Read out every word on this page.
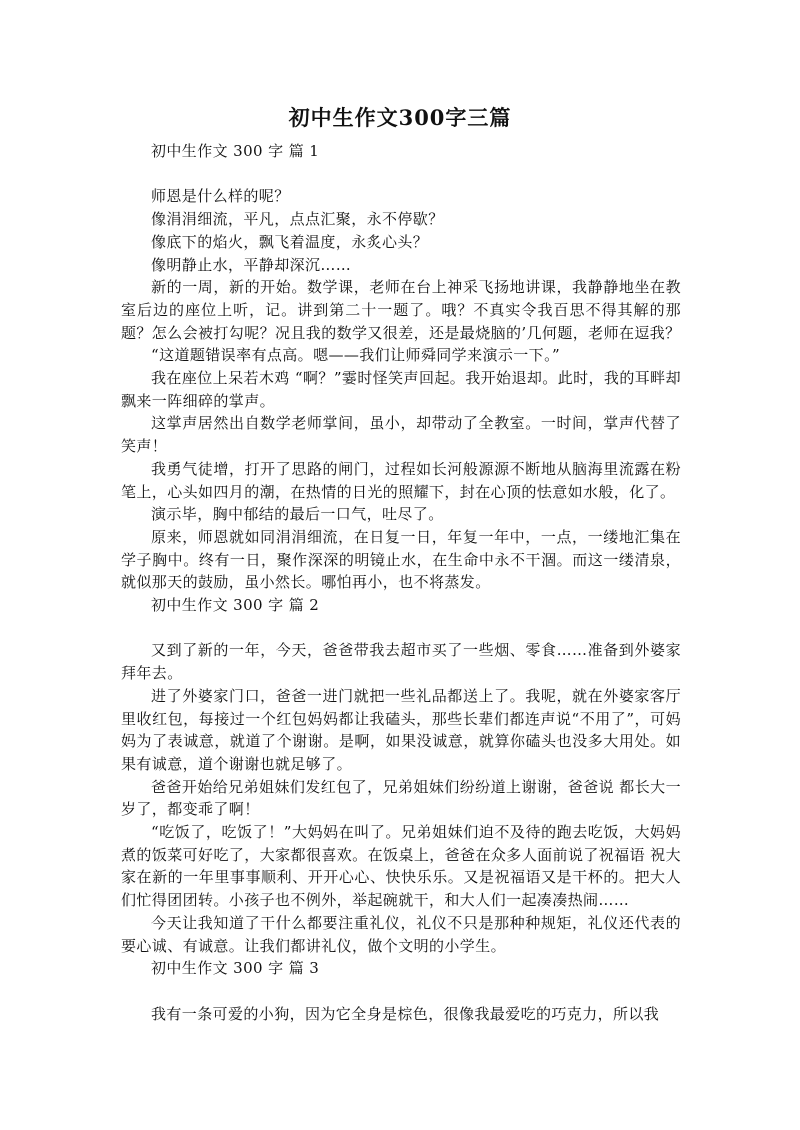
初中生作文300字三篇

初中生作文 300 字 篇 1

师恩是什么样的呢？

像涓涓细流，平凡，点点汇聚，永不停歇？

像底下的焰火，飘飞着温度，永炙心头？

像明静止水，平静却深沉……

新的一周，新的开始。数学课，老师在台上神采飞扬地讲课，我静静地坐在教室后边的座位上听，记。讲到第二十一题了。哦？不真实令我百思不得其解的那题？怎么会被打勾呢？况且我的数学又很差，还是最烧脑的’几何题，老师在逗我？

“这道题错误率有点高。嗯——我们让师舜同学来演示一下。”

我在座位上呆若木鸡 “啊？”霎时怪笑声回起。我开始退却。此时，我的耳畔却飘来一阵细碎的掌声。

这掌声居然出自数学老师掌间，虽小，却带动了全教室。一时间，掌声代替了笑声！

我勇气徒增，打开了思路的闸门，过程如长河般源源不断地从脑海里流露在粉笔上，心头如四月的潮，在热情的日光的照耀下，封在心顶的怯意如水般，化了。

演示毕，胸中郁结的最后一口气，吐尽了。

原来，师恩就如同涓涓细流，在日复一日，年复一年中，一点，一缕地汇集在学子胸中。终有一日，聚作深深的明镜止水，在生命中永不干涸。而这一缕清泉，就似那天的鼓励，虽小然长。哪怕再小，也不将蒸发。

初中生作文 300 字 篇 2

又到了新的一年，今天，爸爸带我去超市买了一些烟、零食……准备到外婆家拜年去。

进了外婆家门口，爸爸一进门就把一些礼品都送上了。我呢，就在外婆家客厅里收红包，每接过一个红包妈妈都让我磕头，那些长辈们都连声说“不用了”，可妈妈为了表诚意，就道了个谢谢。是啊，如果没诚意，就算你磕头也没多大用处。如果有诚意，道个谢谢也就足够了。

爸爸开始给兄弟姐妹们发红包了，兄弟姐妹们纷纷道上谢谢，爸爸说 都长大一岁了，都变乖了啊！

“吃饭了，吃饭了！”大妈妈在叫了。兄弟姐妹们迫不及待的跑去吃饭，大妈妈煮的饭菜可好吃了，大家都很喜欢。在饭桌上，爸爸在众多人面前说了祝福语 祝大家在新的一年里事事顺利、开开心心、快快乐乐。又是祝福语又是干杯的。把大人们忙得团团转。小孩子也不例外，举起碗就干，和大人们一起凑凑热闹……

今天让我知道了干什么都要注重礼仪，礼仪不只是那种种规矩，礼仪还代表的要心诚、有诚意。让我们都讲礼仪，做个文明的小学生。

初中生作文 300 字 篇 3

我有一条可爱的小狗，因为它全身是棕色，很像我最爱吃的巧克力，所以我
